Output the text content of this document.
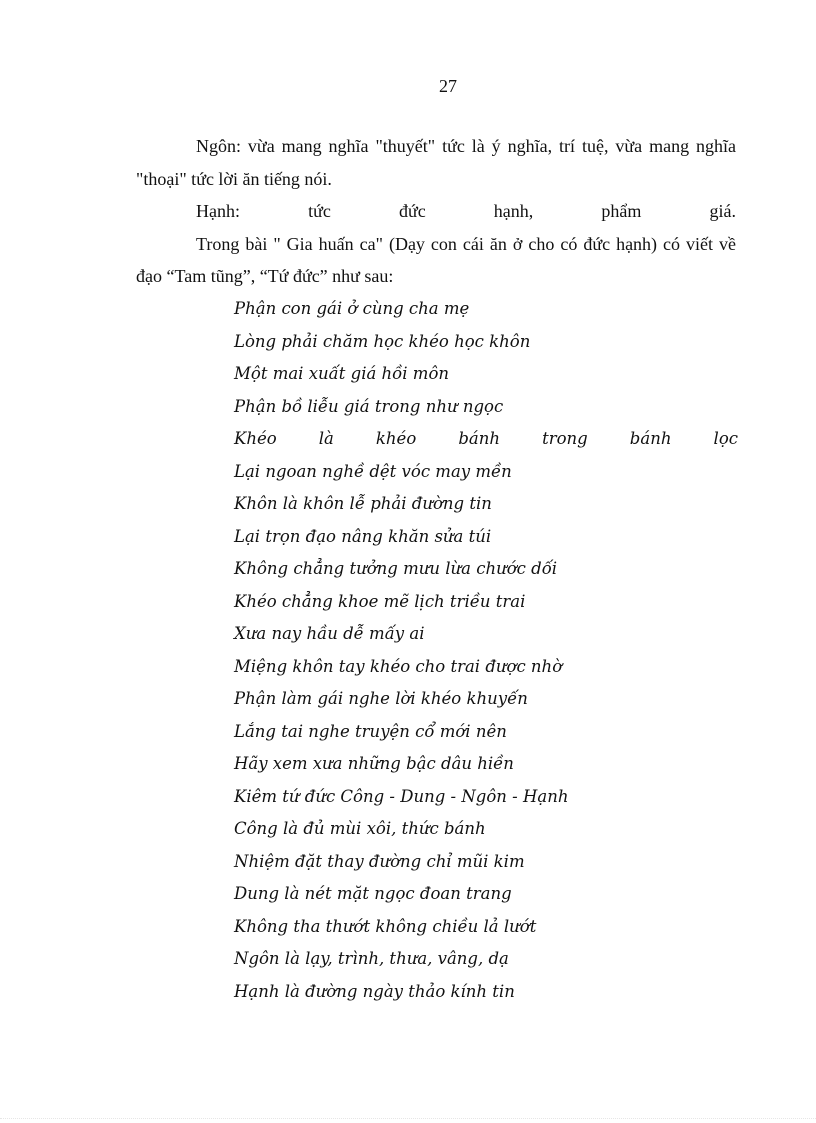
27

Ngôn: vừa mang nghĩa "thuyết" tức là ý nghĩa, trí tuệ, vừa mang nghĩa "thoại" tức lời ăn tiếng nói.

Hạnh: tức đức hạnh, phẩm giá.

Trong bài " Gia huấn ca" (Dạy con cái ăn ở cho có đức hạnh) có viết về đạo “Tam tũng”, “Tứ đức” như sau:

Phận con gái ở cùng cha mẹ

Lòng phải chăm học khéo học khôn

Một mai xuất giá hồi môn

Phận bồ liễu giá trong như ngọc

Khéo là khéo bánh trong bánh lọc

Lại ngoan nghề dệt vóc may mền

Khôn là khôn lễ phải đường tin

Lại trọn đạo nâng khăn sửa túi

Không chẳng tưởng mưu lừa chước dối

Khéo chẳng khoe mẽ lịch triều trai

Xưa nay hầu dễ mấy ai

Miệng khôn tay khéo cho trai được nhờ

Phận làm gái nghe lời khéo khuyến

Lắng tai nghe truyện cổ mới nên

Hãy xem xưa những bậc dâu hiền

Kiêm tứ đức Công - Dung - Ngôn - Hạnh

Công là đủ mùi xôi, thức bánh

Nhiệm đặt thay đường chỉ mũi kim

Dung là nét mặt ngọc đoan trang

Không tha thướt không chiều lả lướt

Ngôn là lạy, trình, thưa, vâng, dạ

Hạnh là đường ngày thảo kính tin
